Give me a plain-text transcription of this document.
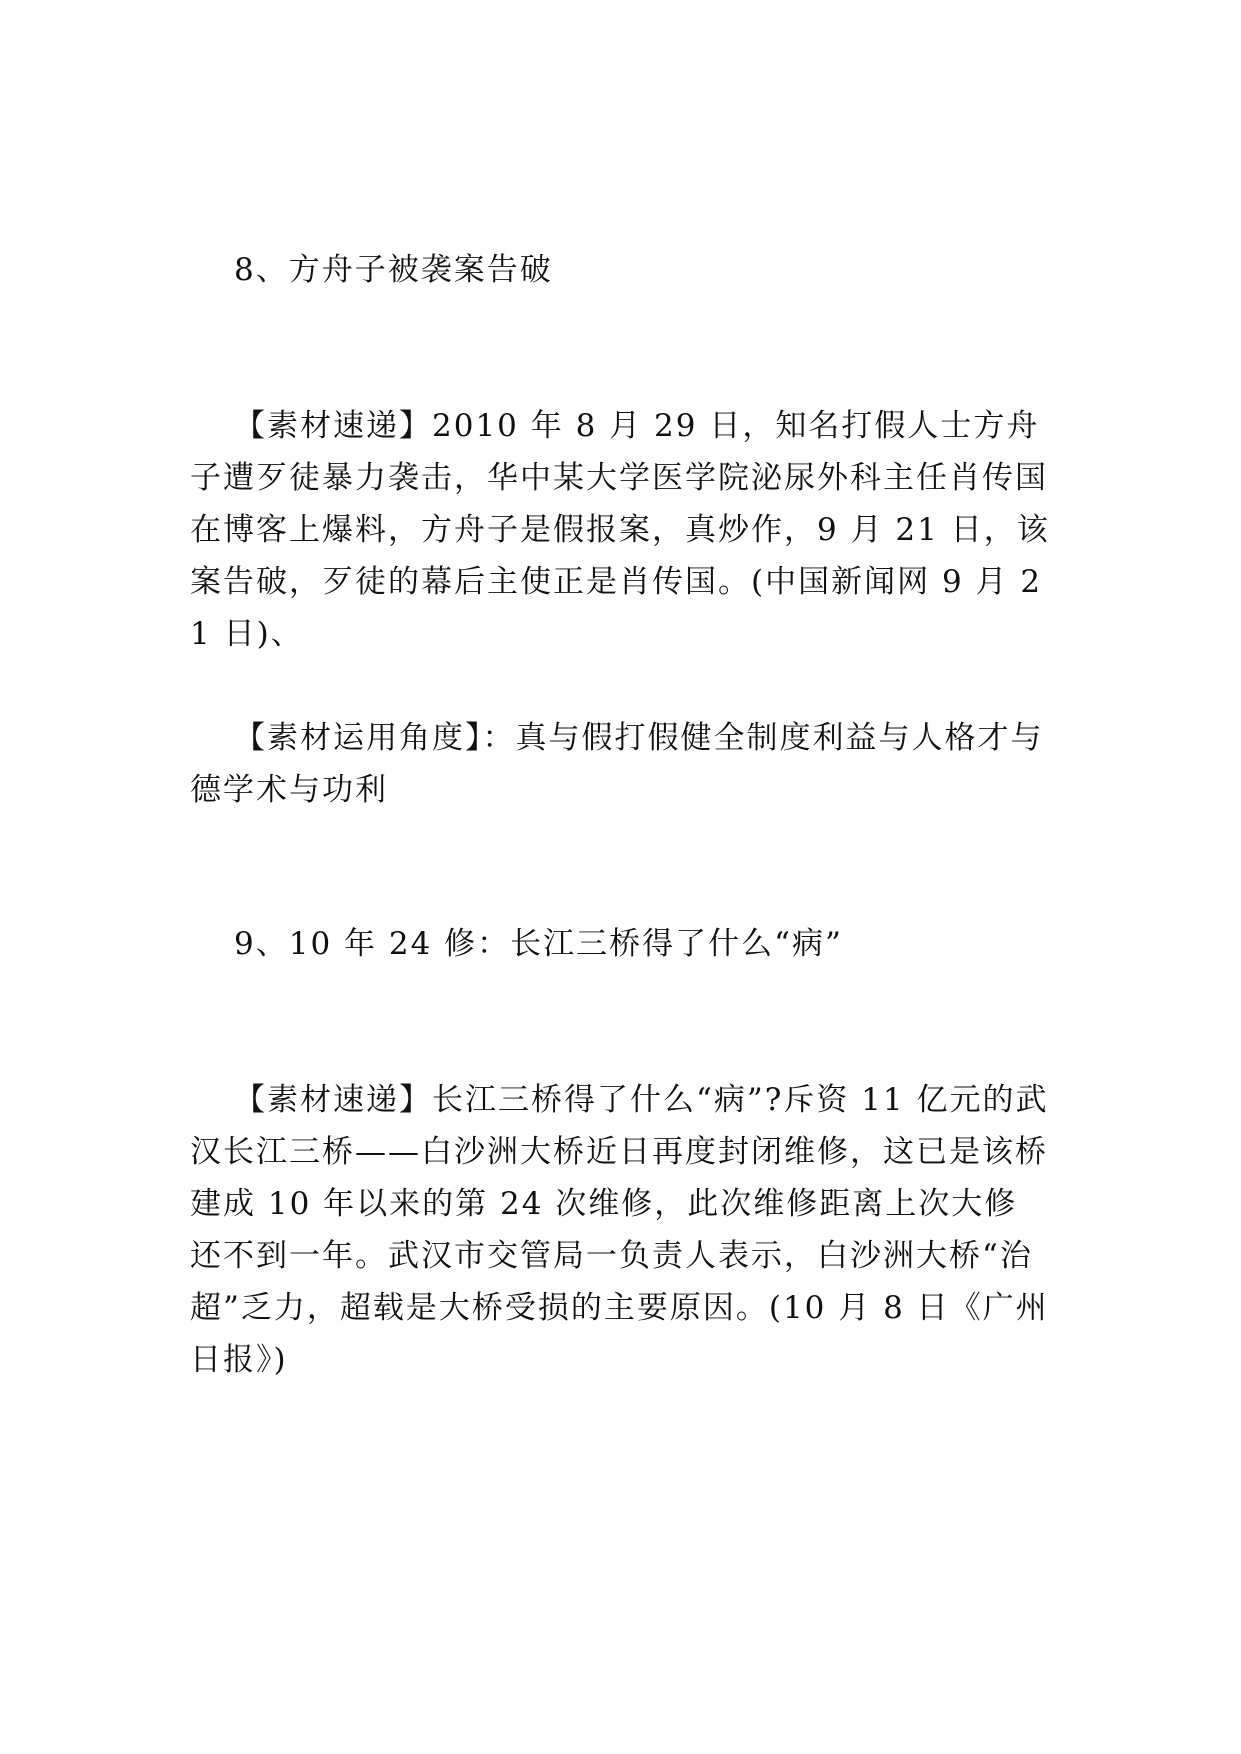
8、方舟子被袭案告破

【素材速递】2010 年 8 月 29 日，知名打假人士方舟子遭歹徒暴力袭击，华中某大学医学院泌尿外科主任肖传国在博客上爆料，方舟子是假报案，真炒作，9 月 21 日，该案告破，歹徒的幕后主使正是肖传国。(中国新闻网 9 月 21 日)、

【素材运用角度】：真与假打假健全制度利益与人格才与德学术与功利

9、10 年 24 修：长江三桥得了什么“病”

【素材速递】长江三桥得了什么“病”?斥资 11 亿元的武汉长江三桥——白沙洲大桥近日再度封闭维修，这已是该桥建成 10 年以来的第 24 次维修，此次维修距离上次大修还不到一年。武汉市交管局一负责人表示，白沙洲大桥“治超”乏力，超载是大桥受损的主要原因。(10 月 8 日《广州日报》)
